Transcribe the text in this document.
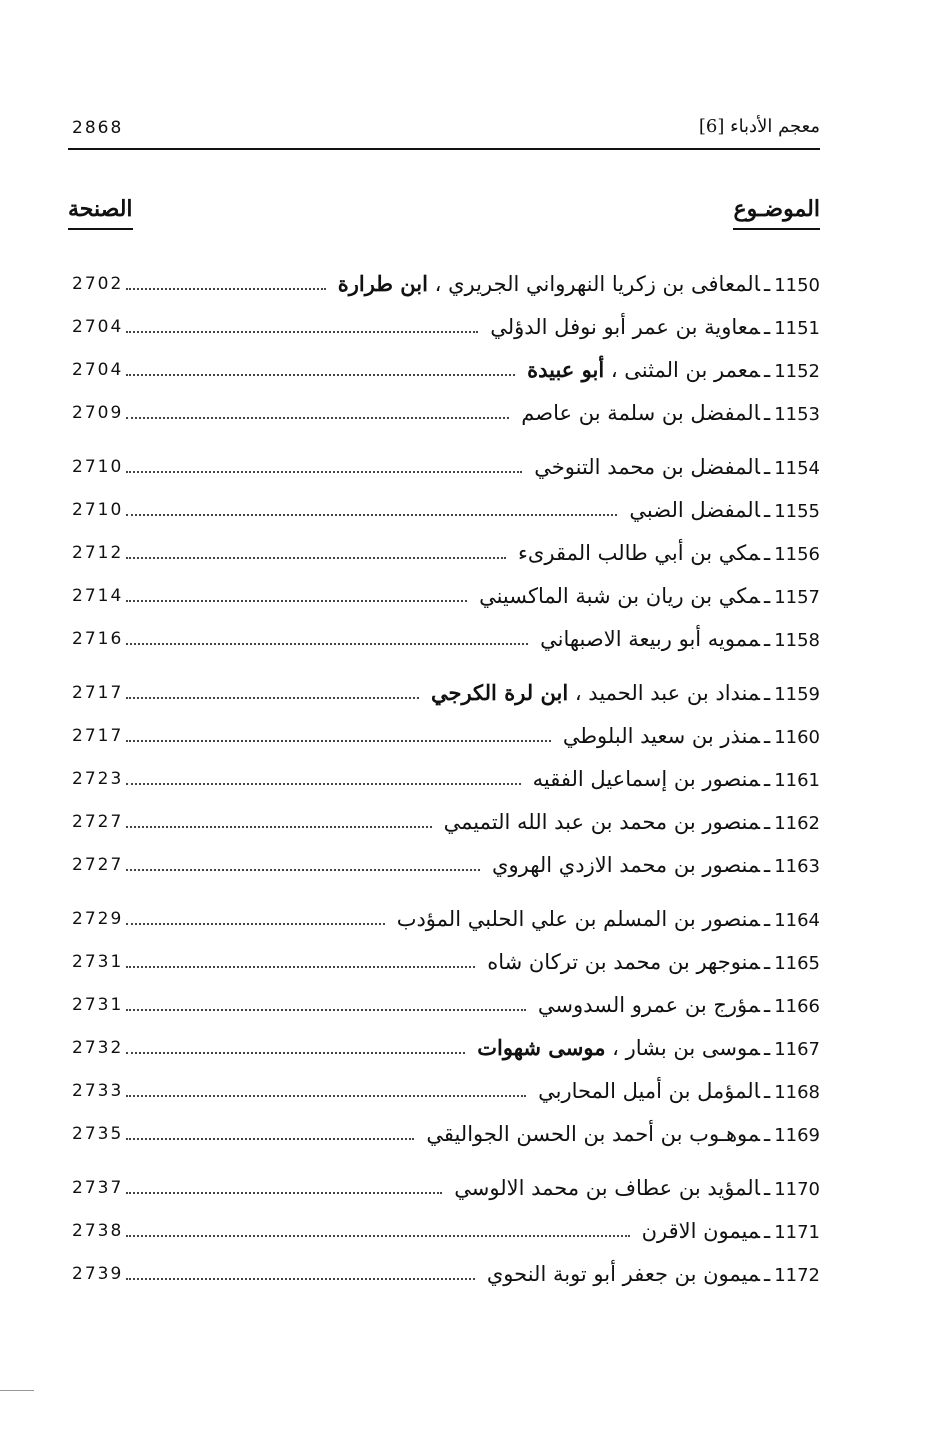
2868	معجم الأدباء [6]
الموضـوع
الصنحة
2702	1150ـالمعافى بن زكريا النهرواني الجريري ، ابن طرارة
2704	1151ـمعاوية بن عمر أبو نوفل الدؤلي
2704	1152ـمعمر بن المثنى ، أبو عبيدة
2709	1153ـالمفضل بن سلمة بن عاصم
2710	1154ـالمفضل بن محمد التنوخي
2710	1155ـالمفضل الضبي
2712	1156ـمكي بن أبي طالب المقرىء
2714	1157ـمكي بن ريان بن شبة الماكسيني
2716	1158ـممويه أبو ربيعة الاصبهاني
2717	1159ـمنداد بن عبد الحميد ، ابن لرة الكرجي
2717	1160ـمنذر بن سعيد البلوطي
2723	1161ـمنصور بن إسماعيل الفقيه
2727	1162ـمنصور بن محمد بن عبد الله التميمي
2727	1163ـمنصور بن محمد الازدي الهروي
2729	1164ـمنصور بن المسلم بن علي الحلبي المؤدب
2731	1165ـمنوجهر بن محمد بن تركان شاه
2731	1166ـمؤرج بن عمرو السدوسي
2732	1167ـموسى بن بشار ، موسى شهوات
2733	1168ـالمؤمل بن أميل المحاربي
2735	1169ـموهـوب بن أحمد بن الحسن الجواليقي
2737	1170ـالمؤيد بن عطاف بن محمد الالوسي
2738	1171ـميمون الاقرن
2739	1172ـميمون بن جعفر أبو توبة النحوي
